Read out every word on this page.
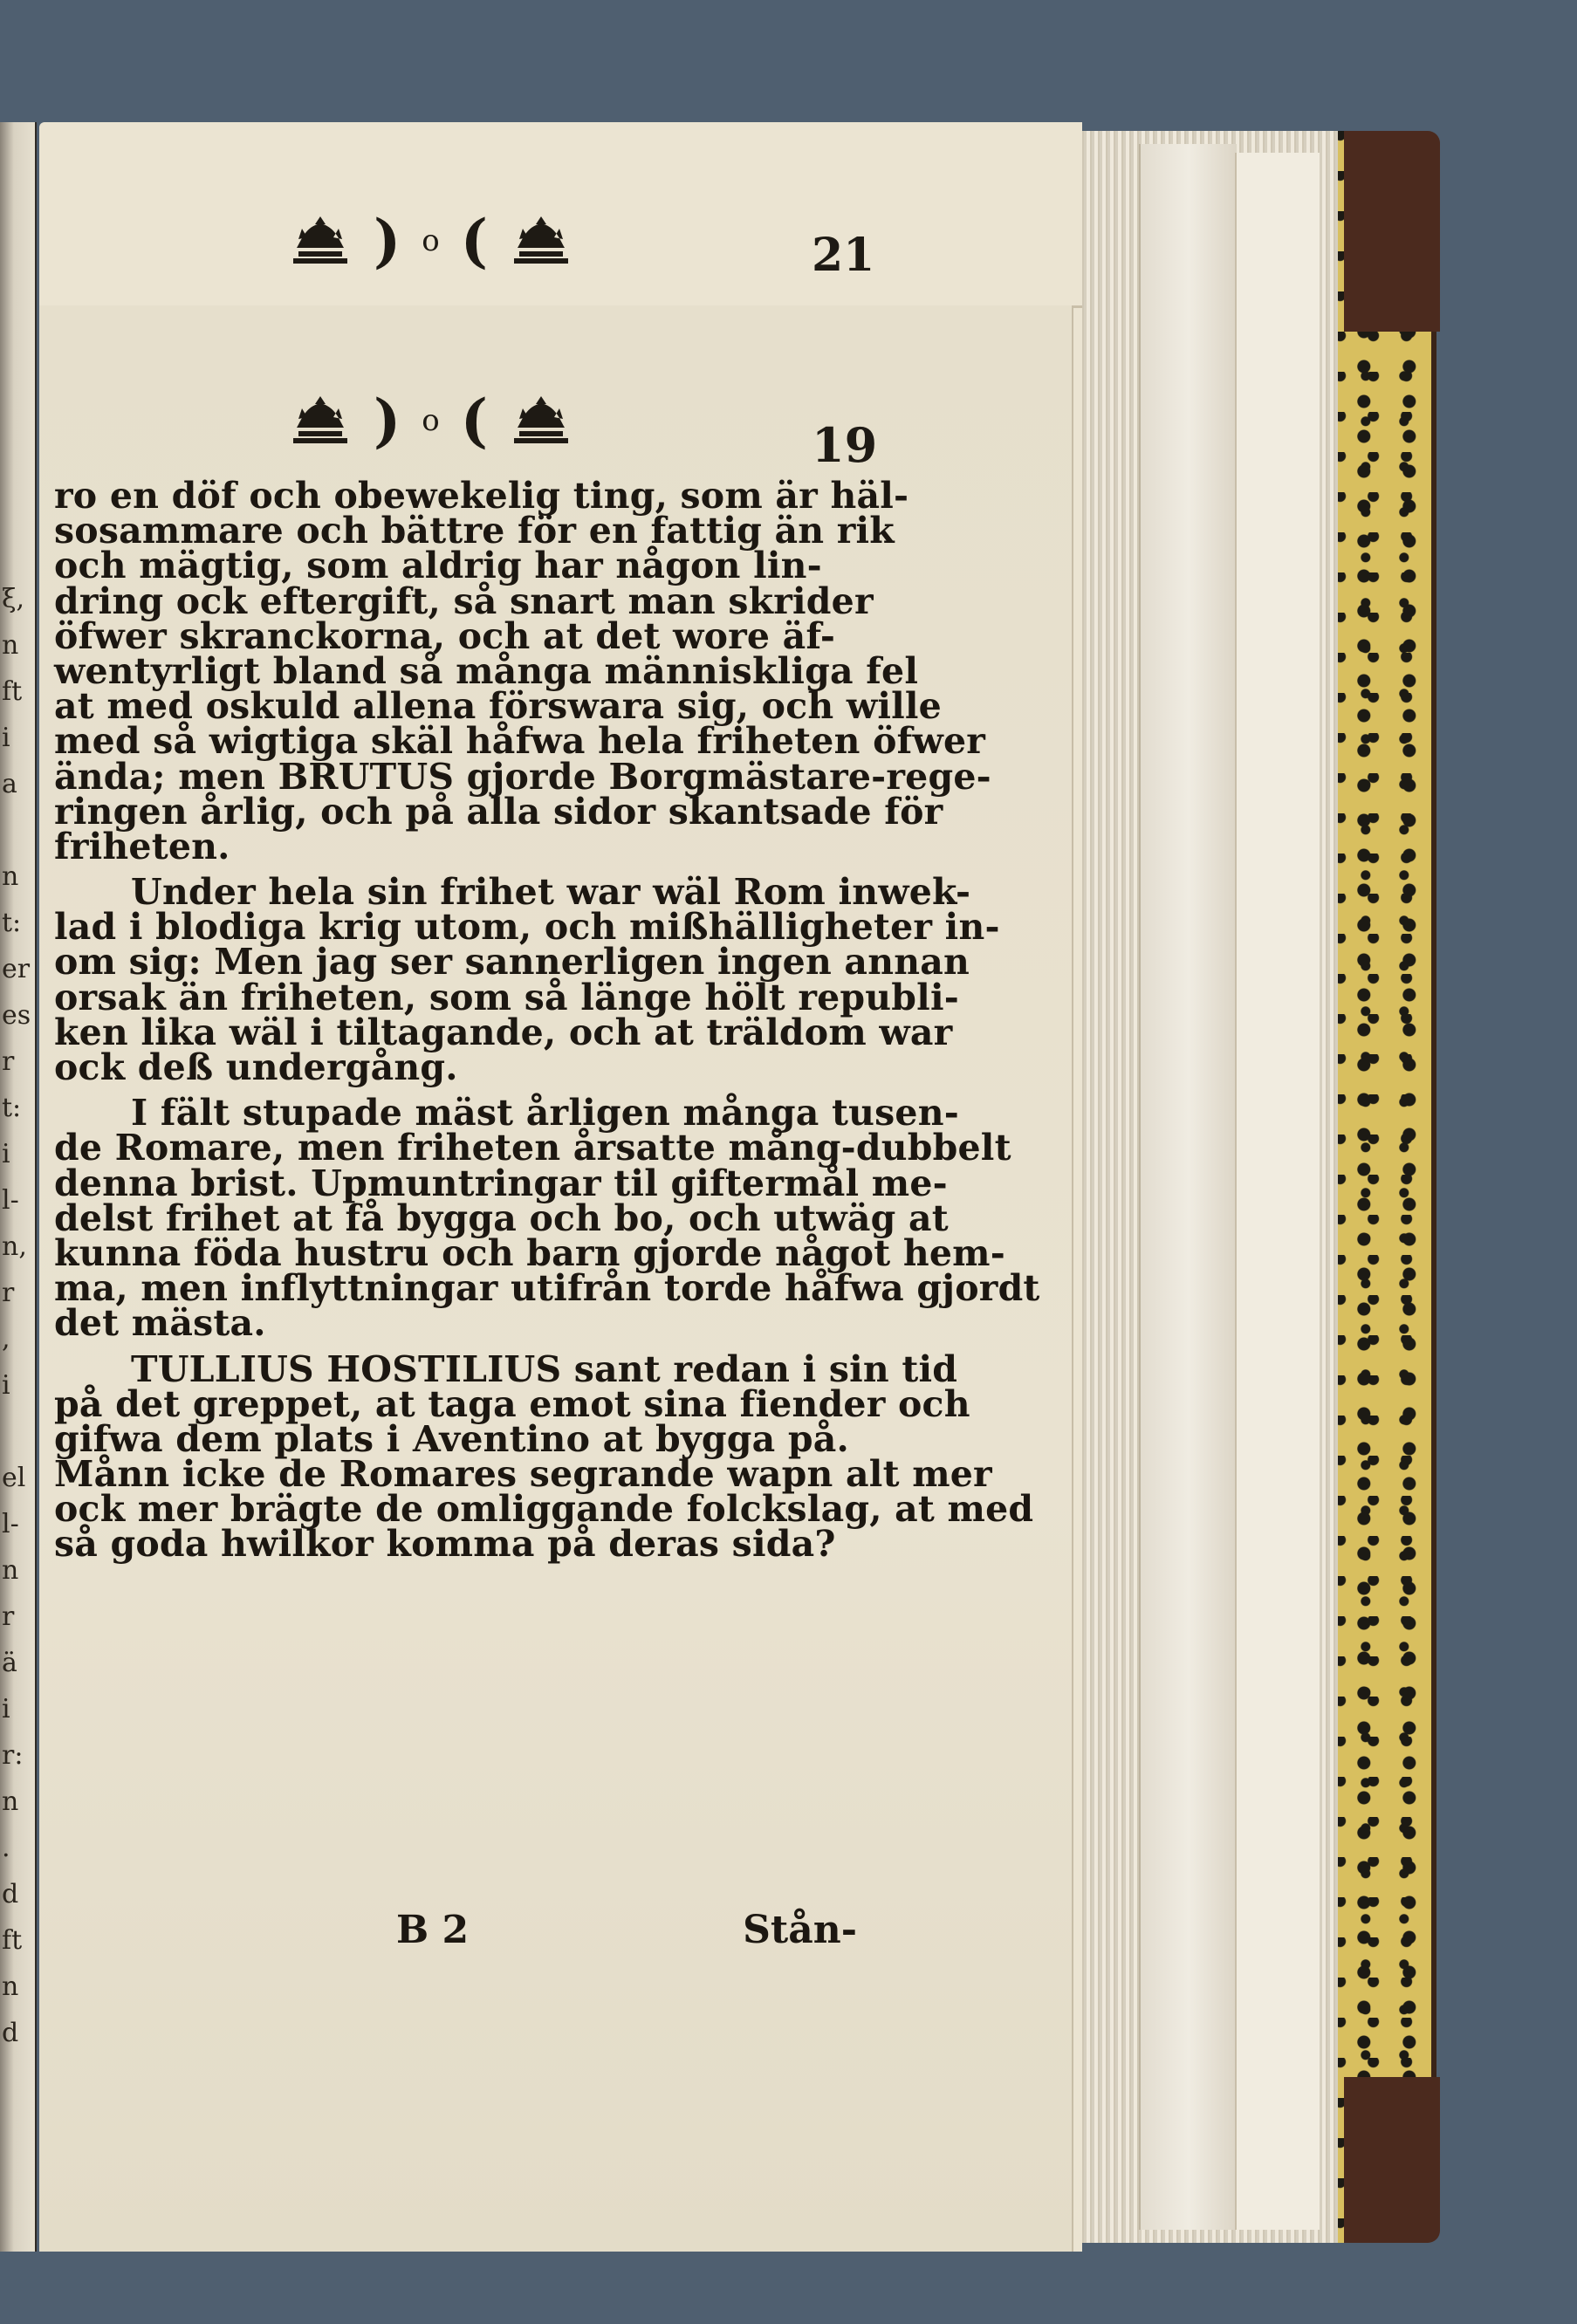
ξ,
n
ft
i
a

n
t:
er
es
r
t:
i
l-
n,
r
,
i

el
l-
n
r
ä
i
r:
n
.
d
ft
n
d
) o (	21
) o (	19
ro en döf och obewekelig ting, som är häl-
sosammare och bättre för en fattig än rik
och mägtig, som aldrig har någon lin-
dring ock eftergift, så snart man skrider
öfwer skranckorna, och at det wore äf-
wentyrligt bland så många människliga fel
at med oskuld allena förswara sig, och wille
med så wigtiga skäl håfwa hela friheten öfwer
ända; men BRUTUS gjorde Borgmästare-rege-
ringen årlig, och på alla sidor skantsade för
friheten.
Under hela sin frihet war wäl Rom inwek-
lad i blodiga krig utom, och mißhälligheter in-
om sig: Men jag ser sannerligen ingen annan
orsak än friheten, som så länge hölt republi-
ken lika wäl i tiltagande, och at träldom war
ock deß undergång.
I fält stupade mäst årligen många tusen-
de Romare, men friheten årsatte mång-dubbelt
denna brist. Upmuntringar til giftermål me-
delst frihet at få bygga och bo, och utwäg at
kunna föda hustru och barn gjorde något hem-
ma, men inflyttningar utifrån torde håfwa gjordt
det mästa.
TULLIUS HOSTILIUS sant redan i sin tid
på det greppet, at taga emot sina fiender och
gifwa dem plats i Aventino at bygga på.
Månn icke de Romares segrande wapn alt mer
ock mer brägte de omliggande folckslag, at med
så goda hwilkor komma på deras sida?
B 2	Stån-
